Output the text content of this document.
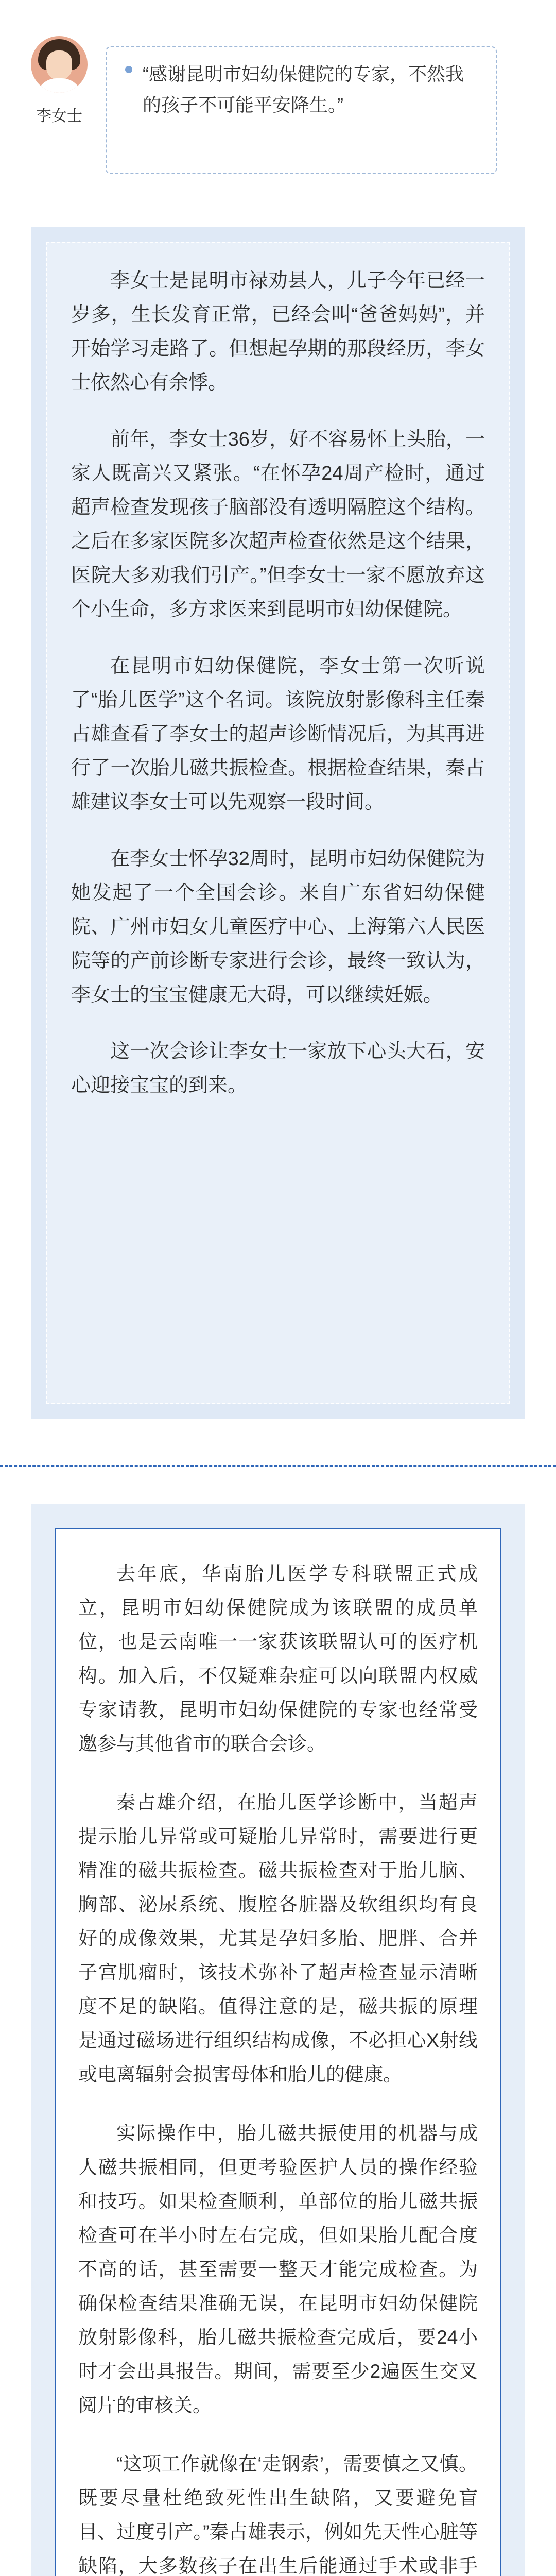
李女士
“感谢昆明市妇幼保健院的专家，不然我的孩子不可能平安降生。”

李女士是昆明市禄劝县人，儿子今年已经一岁多，生长发育正常，已经会叫“爸爸妈妈”，并开始学习走路了。但想起孕期的那段经历，李女士依然心有余悸。

前年，李女士36岁，好不容易怀上头胎，一家人既高兴又紧张。“在怀孕24周产检时，通过超声检查发现孩子脑部没有透明隔腔这个结构。之后在多家医院多次超声检查依然是这个结果，医院大多劝我们引产。”但李女士一家不愿放弃这个小生命，多方求医来到昆明市妇幼保健院。

在昆明市妇幼保健院，李女士第一次听说了“胎儿医学”这个名词。该院放射影像科主任秦占雄查看了李女士的超声诊断情况后，为其再进行了一次胎儿磁共振检查。根据检查结果，秦占雄建议李女士可以先观察一段时间。

在李女士怀孕32周时，昆明市妇幼保健院为她发起了一个全国会诊。来自广东省妇幼保健院、广州市妇女儿童医疗中心、上海第六人民医院等的产前诊断专家进行会诊，最终一致认为，李女士的宝宝健康无大碍，可以继续妊娠。

这一次会诊让李女士一家放下心头大石，安心迎接宝宝的到来。

去年底，华南胎儿医学专科联盟正式成立，昆明市妇幼保健院成为该联盟的成员单位，也是云南唯一一家获该联盟认可的医疗机构。加入后，不仅疑难杂症可以向联盟内权威专家请教，昆明市妇幼保健院的专家也经常受邀参与其他省市的联合会诊。

秦占雄介绍，在胎儿医学诊断中，当超声提示胎儿异常或可疑胎儿异常时，需要进行更精准的磁共振检查。磁共振检查对于胎儿脑、胸部、泌尿系统、腹腔各脏器及软组织均有良好的成像效果，尤其是孕妇多胎、肥胖、合并子宫肌瘤时，该技术弥补了超声检查显示清晰度不足的缺陷。值得注意的是，磁共振的原理是通过磁场进行组织结构成像，不必担心X射线或电离辐射会损害母体和胎儿的健康。

实际操作中，胎儿磁共振使用的机器与成人磁共振相同，但更考验医护人员的操作经验和技巧。如果检查顺利，单部位的胎儿磁共振检查可在半小时左右完成，但如果胎儿配合度不高的话，甚至需要一整天才能完成检查。为确保检查结果准确无误，在昆明市妇幼保健院放射影像科，胎儿磁共振检查完成后，要24小时才会出具报告。期间，需要至少2遍医生交叉阅片的审核关。

“这项工作就像在‘走钢索’，需要慎之又慎。既要尽量杜绝致死性出生缺陷，又要避免盲目、过度引产。”秦占雄表示，例如先天性心脏等缺陷，大多数孩子在出生后能通过手术或非手
